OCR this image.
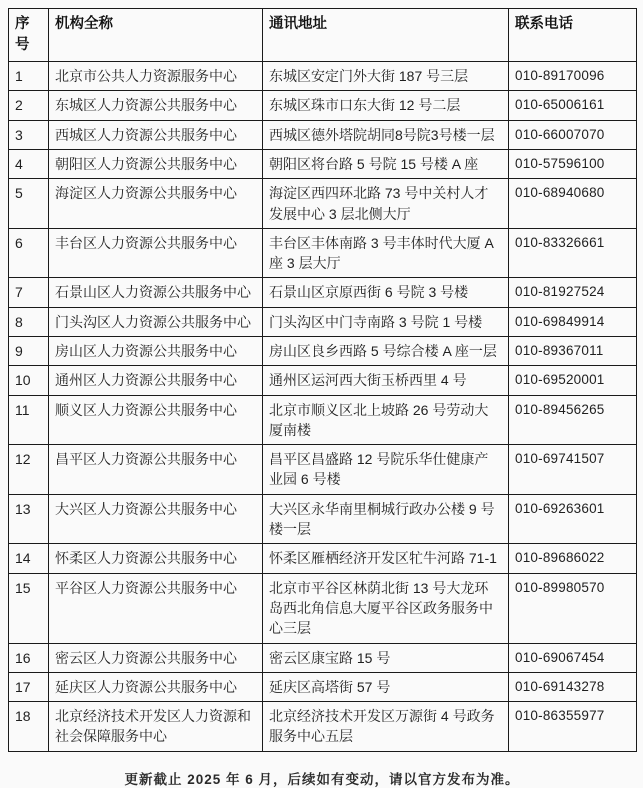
序号	机构全称	通讯地址	联系电话
1	北京市公共人力资源服务中心	东城区安定门外大街 187 号三层	010-89170096
2	东城区人力资源公共服务中心	东城区珠市口东大街 12 号二层	010-65006161
3	西城区人力资源公共服务中心	西城区德外塔院胡同8号院3号楼一层	010-66007070
4	朝阳区人力资源公共服务中心	朝阳区将台路 5 号院 15 号楼 A 座	010-57596100
5	海淀区人力资源公共服务中心	海淀区西四环北路 73 号中关村人才发展中心 3 层北侧大厅	010-68940680
6	丰台区人力资源公共服务中心	丰台区丰体南路 3 号丰体时代大厦 A 座 3 层大厅	010-83326661
7	石景山区人力资源公共服务中心	石景山区京原西街 6 号院 3 号楼	010-81927524
8	门头沟区人力资源公共服务中心	门头沟区中门寺南路 3 号院 1 号楼	010-69849914
9	房山区人力资源公共服务中心	房山区良乡西路 5 号综合楼 A 座一层	010-89367011
10	通州区人力资源公共服务中心	通州区运河西大街玉桥西里 4 号	010-69520001
11	顺义区人力资源公共服务中心	北京市顺义区北上坡路 26 号劳动大厦南楼	010-89456265
12	昌平区人力资源公共服务中心	昌平区昌盛路 12 号院乐华仕健康产业园 6 号楼	010-69741507
13	大兴区人力资源公共服务中心	大兴区永华南里桐城行政办公楼 9 号楼一层	010-69263601
14	怀柔区人力资源公共服务中心	怀柔区雁栖经济开发区牤牛河路 71-1	010-89686022
15	平谷区人力资源公共服务中心	北京市平谷区林荫北街 13 号大龙环岛西北角信息大厦平谷区政务服务中心三层	010-89980570
16	密云区人力资源公共服务中心	密云区康宝路 15 号	010-69067454
17	延庆区人力资源公共服务中心	延庆区高塔街 57 号	010-69143278
18	北京经济技术开发区人力资源和社会保障服务中心	北京经济技术开发区万源街 4 号政务服务中心五层	010-86355977

更新截止 2025 年 6 月，后续如有变动，请以官方发布为准。
